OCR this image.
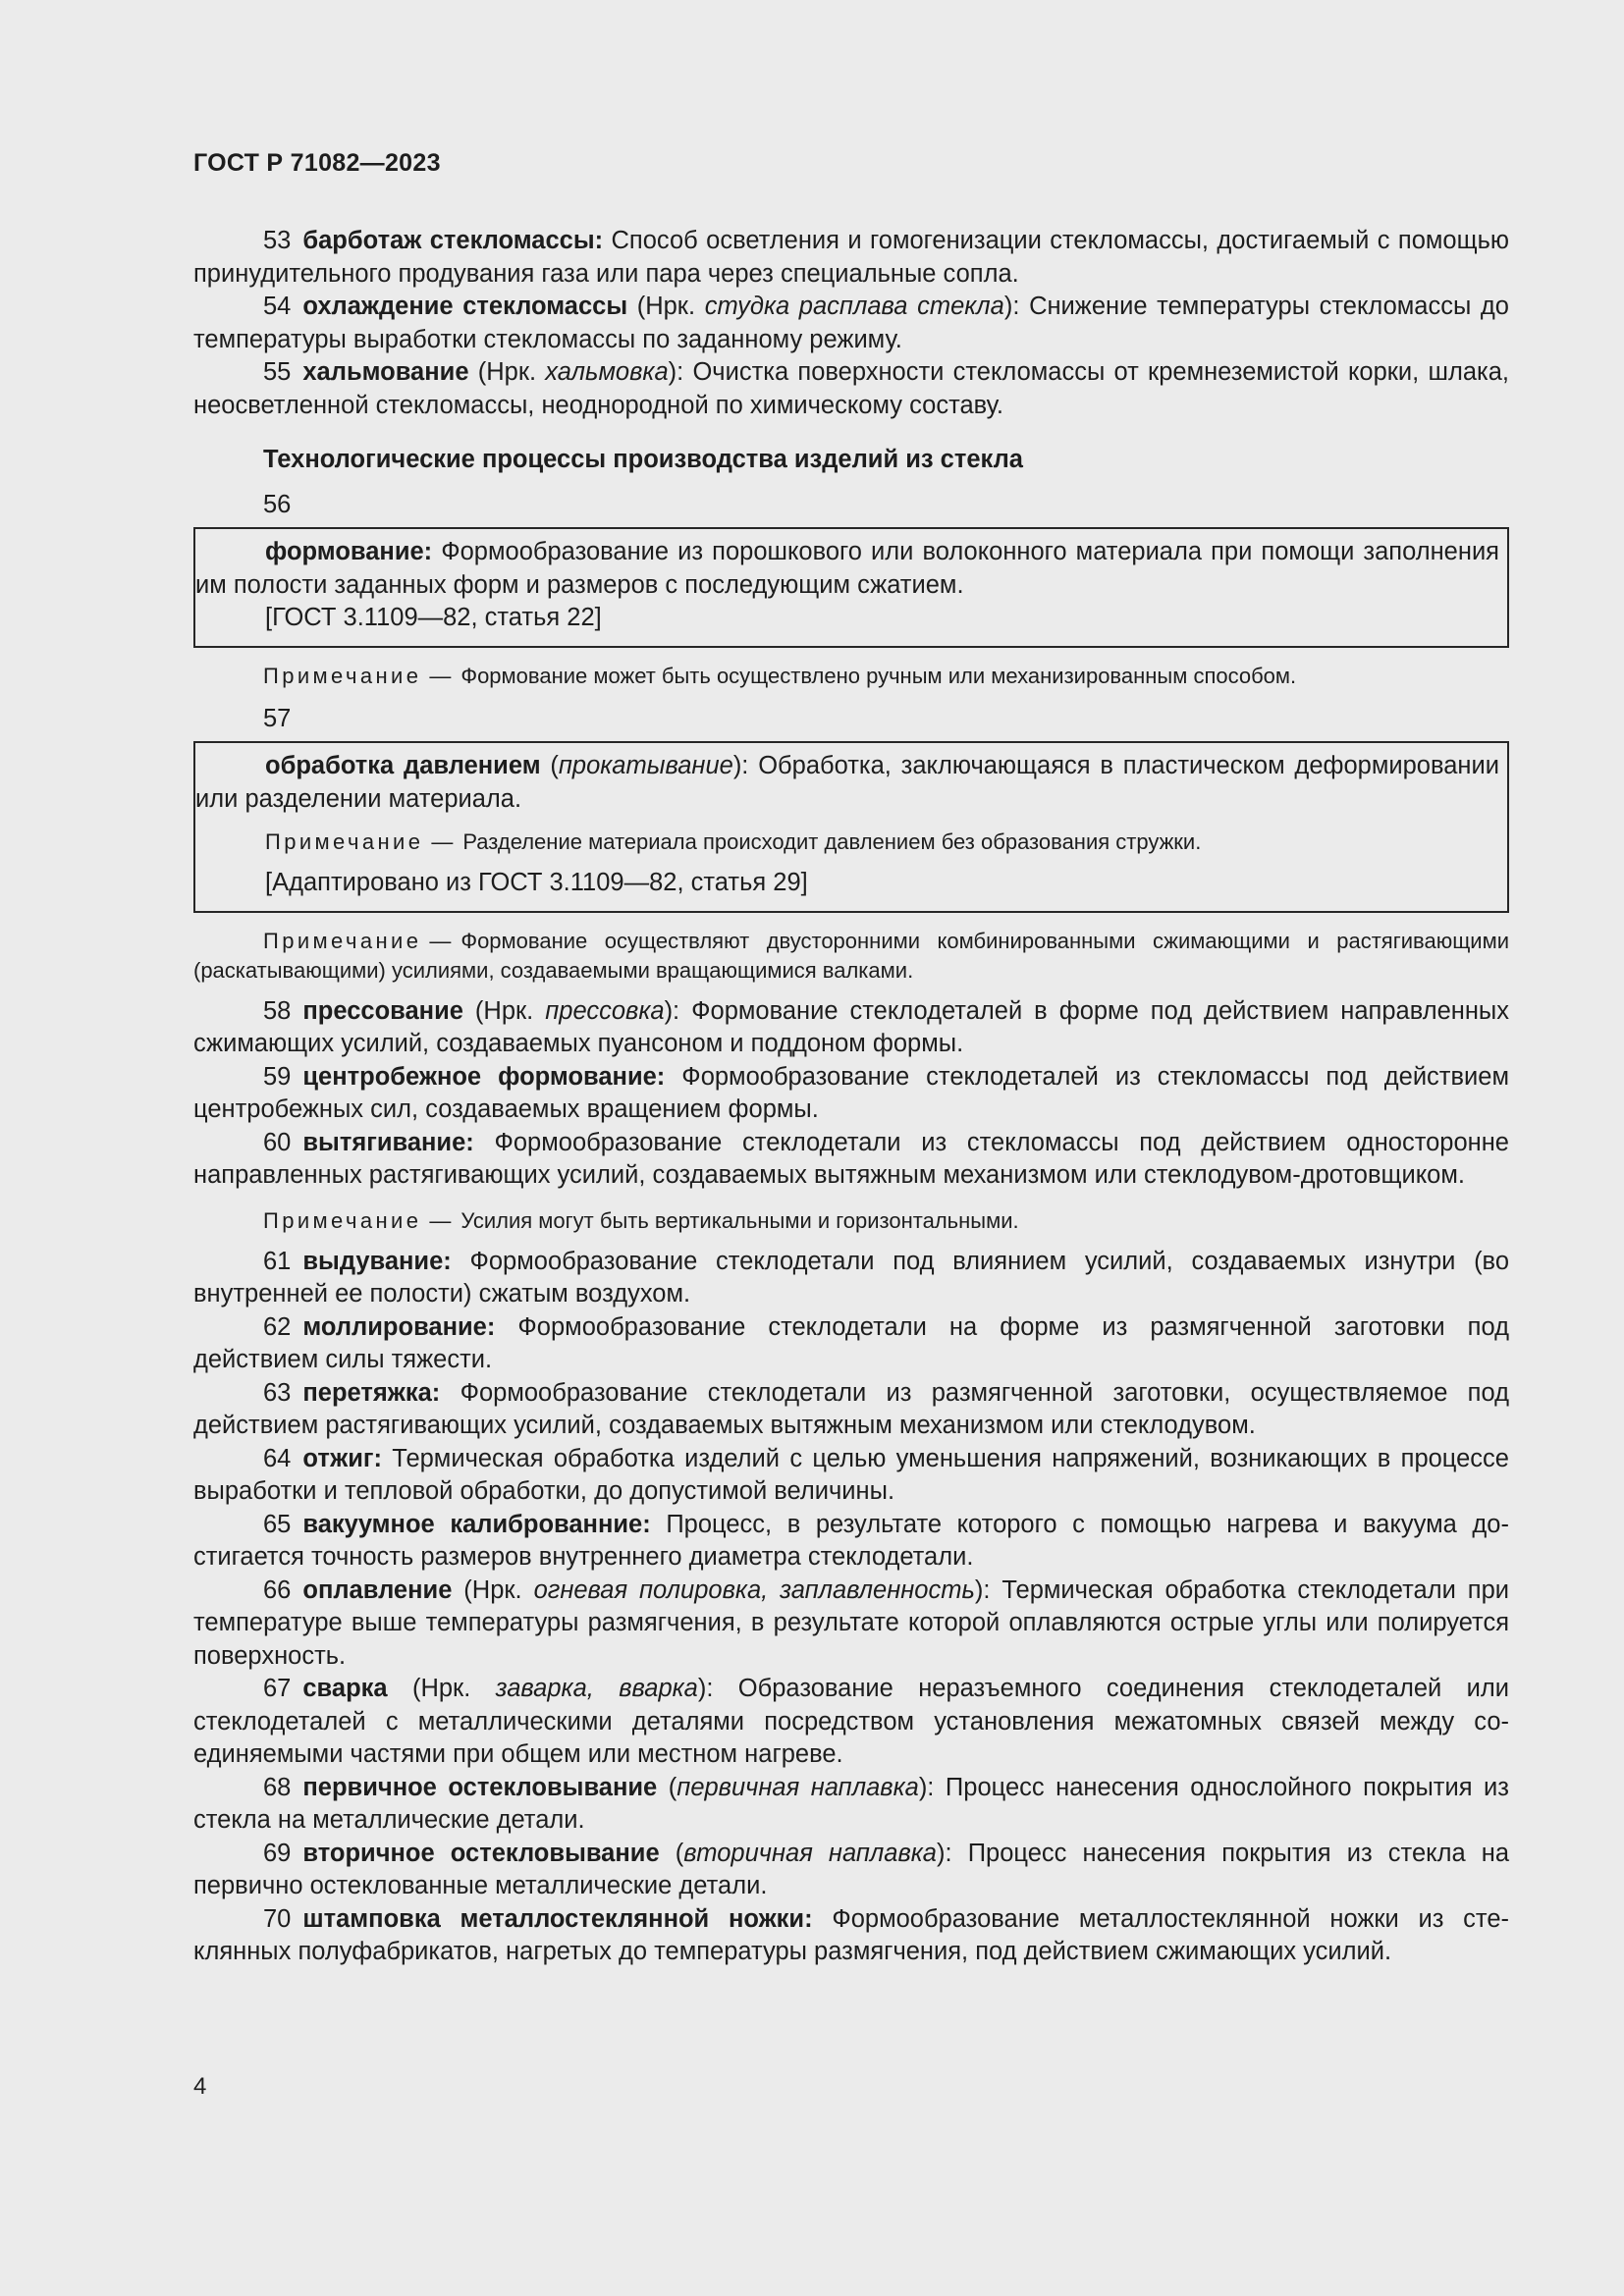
ГОСТ Р 71082—2023

53 барботаж стекломассы: Способ осветления и гомогенизации стекломассы, достигаемый с помощью принудительного продувания газа или пара через специальные сопла.

54 охлаждение стекломассы (Нрк. студка расплава стекла): Снижение температуры стекломассы до температуры выработки стекломассы по заданному режиму.

55 хальмование (Нрк. хальмовка): Очистка поверхности стекломассы от кремнеземистой корки, шлака, неосветленной стекломассы, неоднородной по химическому составу.

Технологические процессы производства изделий из стекла
56

формование: Формообразование из порошкового или волоконного материала при помощи заполнения им полости заданных форм и размеров с последующим сжатием.

[ГОСТ 3.1109—82, статья 22]

Примечание — Формование может быть осуществлено ручным или механизированным способом.

57

обработка давлением (прокатывание): Обработка, заключающаяся в пластическом деформировании или разделении материала.

Примечание — Разделение материала происходит давлением без образования стружки.

[Адаптировано из ГОСТ 3.1109—82, статья 29]

Примечание — Формование осуществляют двусторонними комбинированными сжимающими и растягивающими (раскатывающими) усилиями, создаваемыми вращающимися валками.

58 прессование (Нрк. прессовка): Формование стеклодеталей в форме под действием направленных сжимающих усилий, создаваемых пуансоном и поддоном формы.

59 центробежное формование: Формообразование стеклодеталей из стекломассы под действием центробежных сил, создаваемых вращением формы.

60 вытягивание: Формообразование стеклодетали из стекломассы под действием односторонне направленных растягивающих усилий, создаваемых вытяжным механизмом или стеклодувом-дротовщиком.

Примечание — Усилия могут быть вертикальными и горизонтальными.

61 выдувание: Формообразование стеклодетали под влиянием усилий, создаваемых изнутри (во внутренней ее полости) сжатым воздухом.

62 моллирование: Формообразование стеклодетали на форме из размягченной заготовки под действием силы тяжести.

63 перетяжка: Формообразование стеклодетали из размягченной заготовки, осуществляемое под действием растягивающих усилий, создаваемых вытяжным механизмом или стеклодувом.

64 отжиг: Термическая обработка изделий с целью уменьшения напряжений, возникающих в процессе выработки и тепловой обработки, до допустимой величины.

65 вакуумное калиброванние: Процесс, в результате которого с помощью нагрева и вакуума достигается точность размеров внутреннего диаметра стеклодетали.

66 оплавление (Нрк. огневая полировка, заплавленность): Термическая обработка стеклодетали при температуре выше температуры размягчения, в результате которой оплавляются острые углы или полируется поверхность.

67 сварка (Нрк. заварка, вварка): Образование неразъемного соединения стеклодеталей или стеклодеталей с металлическими деталями посредством установления межатомных связей между соединяемыми частями при общем или местном нагреве.

68 первичное остекловывание (первичная наплавка): Процесс нанесения однослойного покрытия из стекла на металлические детали.

69 вторичное остекловывание (вторичная наплавка): Процесс нанесения покрытия из стекла на первично остеклованные металлические детали.

70 штамповка металлостеклянной ножки: Формообразование металлостеклянной ножки из стеклянных полуфабрикатов, нагретых до температуры размягчения, под действием сжимающих усилий.

4
